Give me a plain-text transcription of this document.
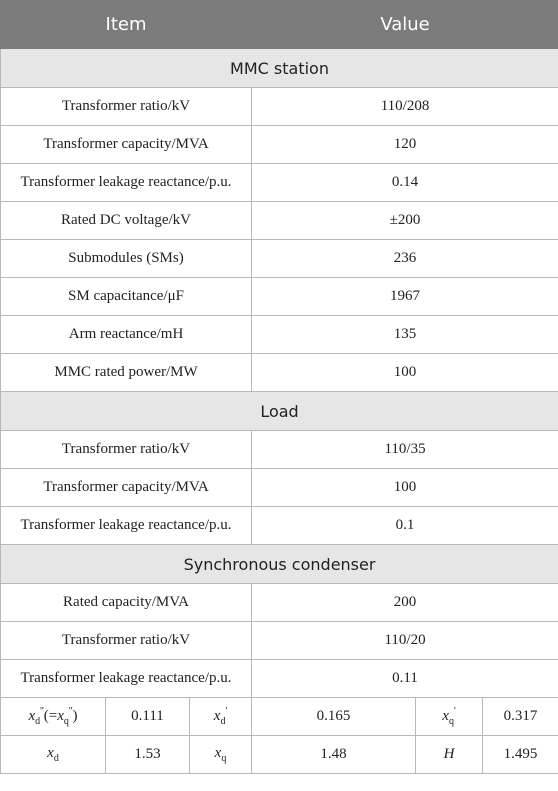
Item			Value		
MMC station					
Transformer ratio/kV			110/208		
Transformer capacity/MVA			120		
Transformer leakage reactance/p.u.			0.14		
Rated DC voltage/kV			±200		
Submodules (SMs)			236		
SM capacitance/μF			1967		
Arm reactance/mH			135		
MMC rated power/MW			100		
Load					
Transformer ratio/kV			110/35		
Transformer capacity/MVA			100		
Transformer leakage reactance/p.u.			0.1		
Synchronous condenser					
Rated capacity/MVA			200		
Transformer ratio/kV			110/20		
Transformer leakage reactance/p.u.			0.11		
$x_d''(=x_q'')$	0.111	$x_d'$	0.165	$x_q'$	0.317
$x_d$	1.53	$x_q$	1.48	H	1.495
